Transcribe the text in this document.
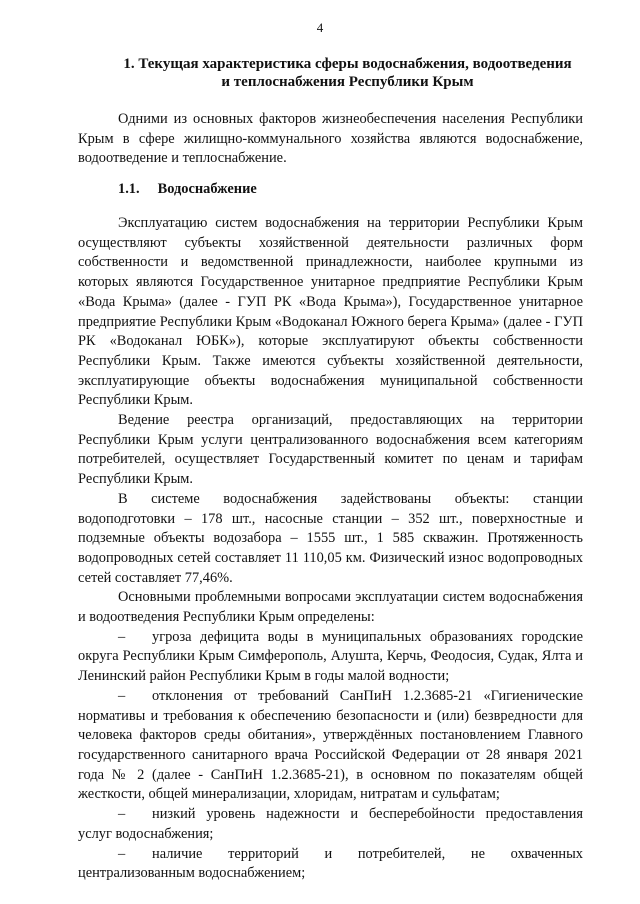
4
1. Текущая характеристика сферы водоснабжения, водоотведения
и теплоснабжения Республики Крым

Одними из основных факторов жизнеобеспечения населения Республики Крым в сфере жилищно-коммунального хозяйства являются водоснабжение, водоотведение и теплоснабжение.

1.1. Водоснабжение

Эксплуатацию систем водоснабжения на территории Республики Крым осуществляют субъекты хозяйственной деятельности различных форм собственности и ведомственной принадлежности, наиболее крупными из которых являются Государственное унитарное предприятие Республики Крым «Вода Крыма» (далее - ГУП РК «Вода Крыма»), Государственное унитарное предприятие Республики Крым «Водоканал Южного берега Крыма» (далее - ГУП РК «Водоканал ЮБК»), которые эксплуатируют объекты собственности Республики Крым. Также имеются субъекты хозяйственной деятельности, эксплуатирующие объекты водоснабжения муниципальной собственности Республики Крым.

Ведение реестра организаций, предоставляющих на территории Республики Крым услуги централизованного водоснабжения всем категориям потребителей, осуществляет Государственный комитет по ценам и тарифам Республики Крым.

В системе водоснабжения задействованы объекты: станции водоподготовки – 178 шт., насосные станции – 352 шт., поверхностные и подземные объекты водозабора – 1555 шт., 1 585 скважин. Протяженность водопроводных сетей составляет 11 110,05 км. Физический износ водопроводных сетей составляет 77,46%.

Основными проблемными вопросами эксплуатации систем водоснабжения и водоотведения Республики Крым определены:

– угроза дефицита воды в муниципальных образованиях городские округа Республики Крым Симферополь, Алушта, Керчь, Феодосия, Судак, Ялта и Ленинский район Республики Крым в годы малой водности;

– отклонения от требований СанПиН 1.2.3685-21 «Гигиенические нормативы и требования к обеспечению безопасности и (или) безвредности для человека факторов среды обитания», утверждённых постановлением Главного государственного санитарного врача Российской Федерации от 28 января 2021 года № 2 (далее - СанПиН 1.2.3685-21), в основном по показателям общей жесткости, общей минерализации, хлоридам, нитратам и сульфатам;

– низкий уровень надежности и бесперебойности предоставления услуг водоснабжения;

– наличие территорий и потребителей, не охваченных централизованным водоснабжением;
